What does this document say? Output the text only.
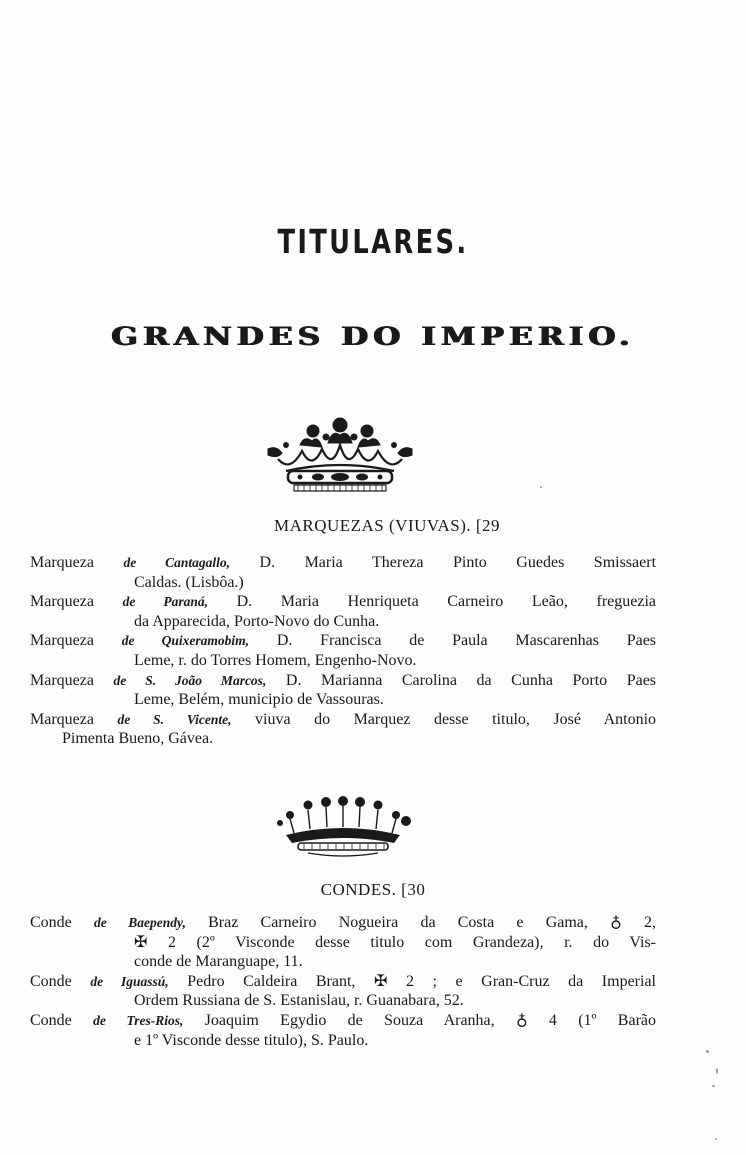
TITULARES.
GRANDES DO IMPERIO.
MARQUEZAS (VIUVAS). [29

Marqueza de Cantagallo, D. Maria Thereza Pinto Guedes Smissaert
Caldas. (Lisbôa.)

Marqueza de Paraná, D. Maria Henriqueta Carneiro Leão, freguezia
da Apparecida, Porto-Novo do Cunha.

Marqueza de Quixeramobim, D. Francisca de Paula Mascarenhas Paes
Leme, r. do Torres Homem, Engenho-Novo.

Marqueza de S. João Marcos, D. Marianna Carolina da Cunha Porto Paes
Leme, Belém, municipio de Vassouras.

Marqueza de S. Vicente, viuva do Marquez desse titulo, José Antonio
Pimenta Bueno, Gávea.

CONDES. [30

Conde de Baependy, Braz Carneiro Nogueira da Costa e Gama, ♁ 2,
✠ 2 (2º Visconde desse titulo com Grandeza), r. do Vis-
conde de Maranguape, 11.

Conde de Iguassú, Pedro Caldeira Brant, ✠ 2 ; e Gran-Cruz da Imperial
Ordem Russiana de S. Estanislau, r. Guanabara, 52.

Conde de Tres-Rios, Joaquim Egydio de Souza Aranha, ♁ 4 (1º Barão
e 1º Visconde desse titulo), S. Paulo.
